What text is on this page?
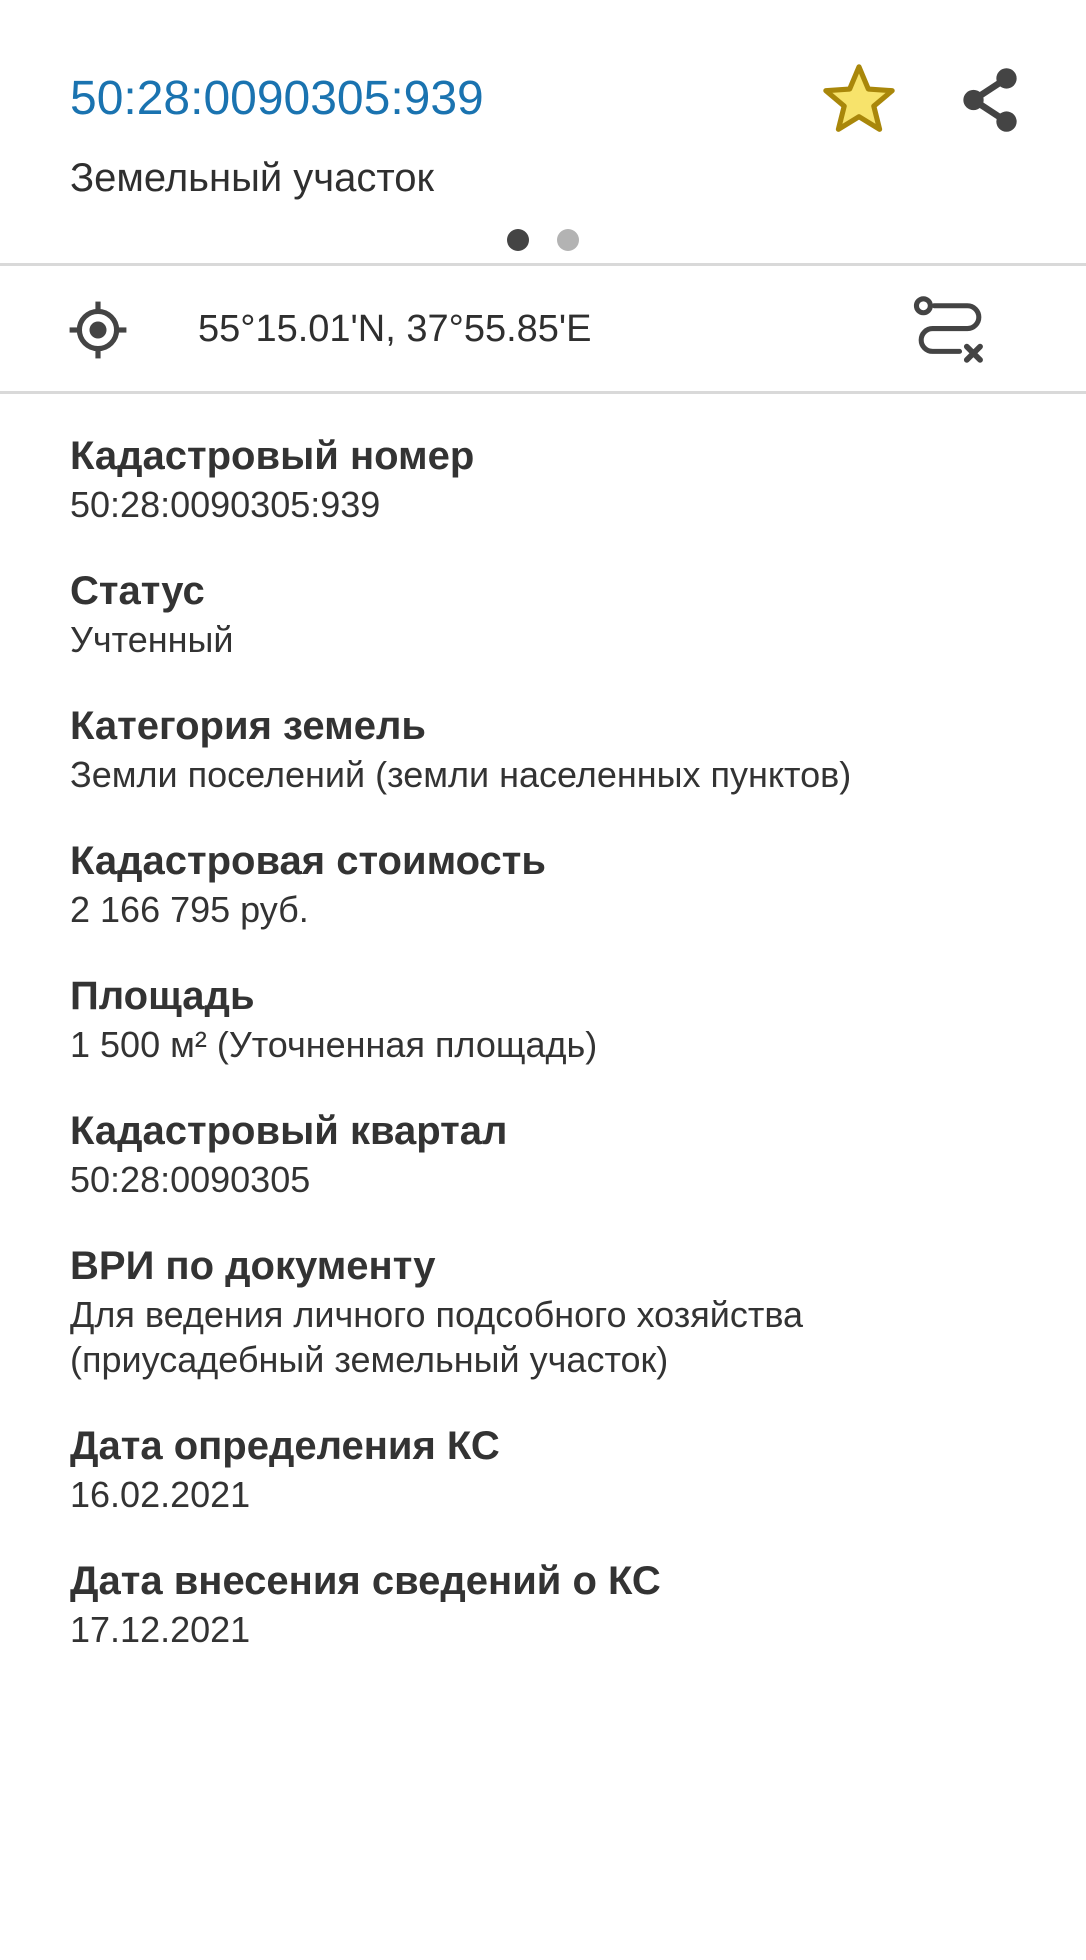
50:28:0090305:939
Земельный участок
55°15.01'N, 37°55.85'E
Кадастровый номер
50:28:0090305:939
Статус
Учтенный
Категория земель
Земли поселений (земли населенных пунктов)
Кадастровая стоимость
2 166 795 руб.
Площадь
1 500 м² (Уточненная площадь)
Кадастровый квартал
50:28:0090305
ВРИ по документу
Для ведения личного подсобного хозяйства (приусадебный земельный участок)
Дата определения КС
16.02.2021
Дата внесения сведений о КС
17.12.2021
